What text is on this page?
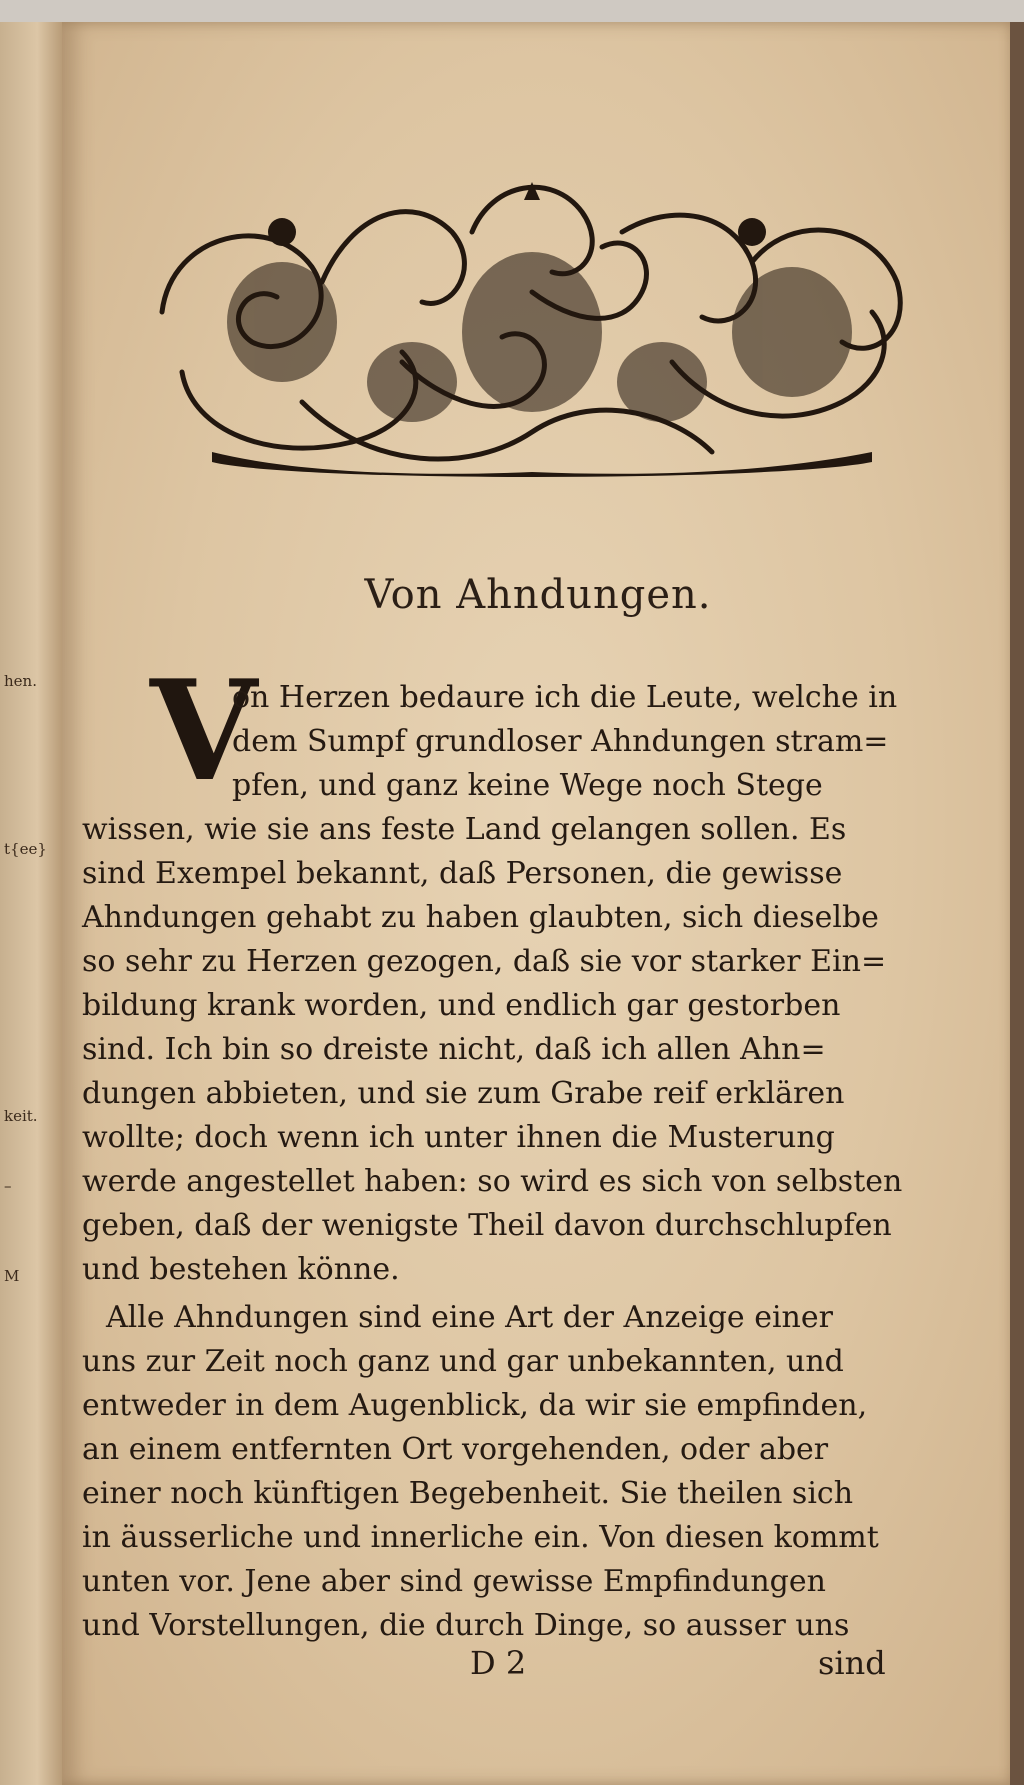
hen.
t{ee}
keit.
–
M
Von Ahndungen.
V
on Herzen bedaure ich die Leute, welche in
dem Sumpf grundloser Ahndungen stram=
pfen, und ganz keine Wege noch Stege
wissen, wie sie ans feste Land gelangen sollen. Es
sind Exempel bekannt, daß Personen, die gewisse
Ahndungen gehabt zu haben glaubten, sich dieselbe
so sehr zu Herzen gezogen, daß sie vor starker Ein=
bildung krank worden, und endlich gar gestorben
sind. Ich bin so dreiste nicht, daß ich allen Ahn=
dungen abbieten, und sie zum Grabe reif erklären
wollte; doch wenn ich unter ihnen die Musterung
werde angestellet haben: so wird es sich von selbsten
geben, daß der wenigste Theil davon durchschlupfen
und bestehen könne.
Alle Ahndungen sind eine Art der Anzeige einer
uns zur Zeit noch ganz und gar unbekannten, und
entweder in dem Augenblick, da wir sie empfinden,
an einem entfernten Ort vorgehenden, oder aber
einer noch künftigen Begebenheit. Sie theilen sich
in äusserliche und innerliche ein. Von diesen kommt
unten vor. Jene aber sind gewisse Empfindungen
und Vorstellungen, die durch Dinge, so ausser uns
D 2	sind
